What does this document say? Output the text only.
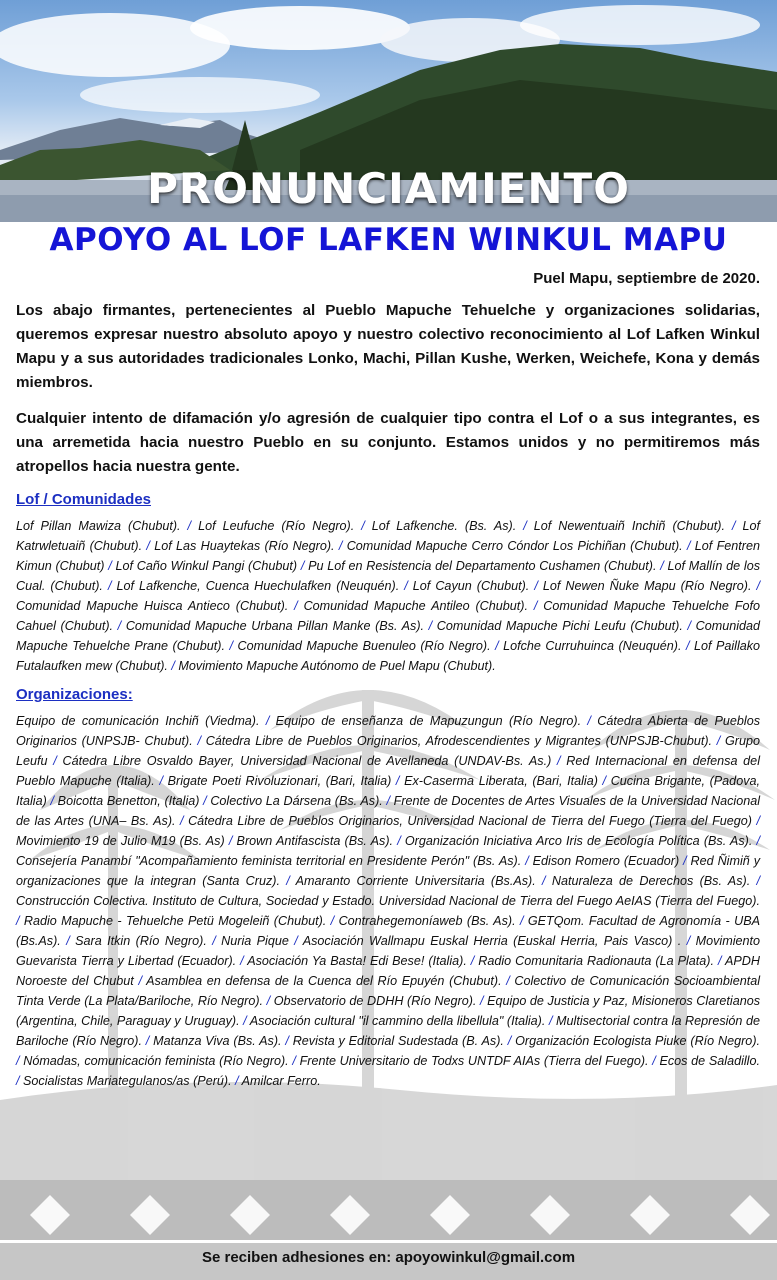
PRONUNCIAMIENTO
APOYO AL LOF LAFKEN WINKUL MAPU

Puel Mapu, septiembre de 2020.

Los abajo firmantes, pertenecientes al Pueblo Mapuche Tehuelche y organizaciones solidarias, queremos expresar nuestro absoluto apoyo y nuestro colectivo reconocimiento al Lof Lafken Winkul Mapu y a sus autoridades tradicionales Lonko, Machi, Pillan Kushe, Werken, Weichefe, Kona y demás miembros.

Cualquier intento de difamación y/o agresión de cualquier tipo contra el Lof o a sus integrantes, es una arremetida hacia nuestro Pueblo en su conjunto. Estamos unidos y no permitiremos más atropellos hacia nuestra gente.

Lof / Comunidades

Lof Pillan Mawiza (Chubut). / Lof Leufuche (Río Negro). / Lof Lafkenche. (Bs. As). / Lof Newentuaiñ Inchiñ (Chubut). / Lof Katrwletuaiñ (Chubut). / Lof Las Huaytekas (Río Negro). / Comunidad Mapuche Cerro Cóndor Los Pichiñan (Chubut). / Lof Fentren Kimun (Chubut) / Lof Caño Winkul Pangi (Chubut) / Pu Lof en Resistencia del Departamento Cushamen (Chubut). / Lof Mallín de los Cual. (Chubut). / Lof Lafkenche, Cuenca Huechulafken (Neuquén). / Lof Cayun (Chubut). / Lof Newen Ñuke Mapu (Río Negro). / Comunidad Mapuche Huisca Antieco (Chubut). / Comunidad Mapuche Antileo (Chubut). / Comunidad Mapuche Tehuelche Fofo Cahuel (Chubut). / Comunidad Mapuche Urbana Pillan Manke (Bs. As). / Comunidad Mapuche Pichi Leufu (Chubut). / Comunidad Mapuche Tehuelche Prane (Chubut). / Comunidad Mapuche Buenuleo (Río Negro). / Lofche Curruhuinca (Neuquén). / Lof Paillako Futalaufken mew (Chubut). / Movimiento Mapuche Autónomo de Puel Mapu (Chubut).

Organizaciones:

Equipo de comunicación Inchiñ (Viedma). / Equipo de enseñanza de Mapuzungun (Río Negro). / Cátedra Abierta de Pueblos Originarios (UNPSJB- Chubut). / Cátedra Libre de Pueblos Originarios, Afrodescendientes y Migrantes (UNPSJB-Chubut). / Grupo Leufu / Cátedra Libre Osvaldo Bayer, Universidad Nacional de Avellaneda (UNDAV-Bs. As.) / Red Internacional en defensa del Pueblo Mapuche (Italia). / Brigate Poeti Rivoluzionari, (Bari, Italia) / Ex-Caserma Liberata, (Bari, Italia) / Cucina Brigante, (Padova, Italia) / Boicotta Benetton, (Italia) / Colectivo La Dársena (Bs. As). / Frente de Docentes de Artes Visuales de la Universidad Nacional de las Artes (UNA– Bs. As). / Cátedra Libre de Pueblos Originarios, Universidad Nacional de Tierra del Fuego (Tierra del Fuego) / Movimiento 19 de Julio M19 (Bs. As) / Brown Antifascista (Bs. As). / Organización Iniciativa Arco Iris de Ecología Política (Bs. As). / Consejería Panambí "Acompañamiento feminista territorial en Presidente Perón" (Bs. As). / Edison Romero (Ecuador) / Red Ñimiñ y organizaciones que la integran (Santa Cruz). / Amaranto Corriente Universitaria (Bs.As). / Naturaleza de Derechos (Bs. As). / Construcción Colectiva. Instituto de Cultura, Sociedad y Estado. Universidad Nacional de Tierra del Fuego AeIAS (Tierra del Fuego). / Radio Mapuche - Tehuelche Petü Mogeleiñ (Chubut). / Contrahegemoníaweb (Bs. As). / GETQom. Facultad de Agronomía - UBA (Bs.As). / Sara Itkin (Río Negro). / Nuria Pique / Asociación Wallmapu Euskal Herria (Euskal Herria, Pais Vasco) . / Movimiento Guevarista Tierra y Libertad (Ecuador). / Asociación Ya Basta! Edi Bese! (Italia). / Radio Comunitaria Radionauta (La Plata). / APDH Noroeste del Chubut / Asamblea en defensa de la Cuenca del Río Epuyén (Chubut). / Colectivo de Comunicación Socioambiental Tinta Verde (La Plata/Bariloche, Río Negro). / Observatorio de DDHH (Río Negro). / Equipo de Justicia y Paz, Misioneros Claretianos (Argentina, Chile, Paraguay y Uruguay). / Asociación cultural "il cammino della libellula" (Italia). / Multisectorial contra la Represión de Bariloche (Río Negro). / Matanza Viva (Bs. As). / Revista y Editorial Sudestada (B. As). / Organización Ecologista Piuke (Río Negro). / Nómadas, comunicación feminista (Río Negro). / Frente Universitario de Todxs UNTDF AIAs (Tierra del Fuego). / Ecos de Saladillo. / Socialistas Mariategulanos/as (Perú). / Amilcar Ferro.

Se reciben adhesiones en: apoyowinkul@gmail.com
